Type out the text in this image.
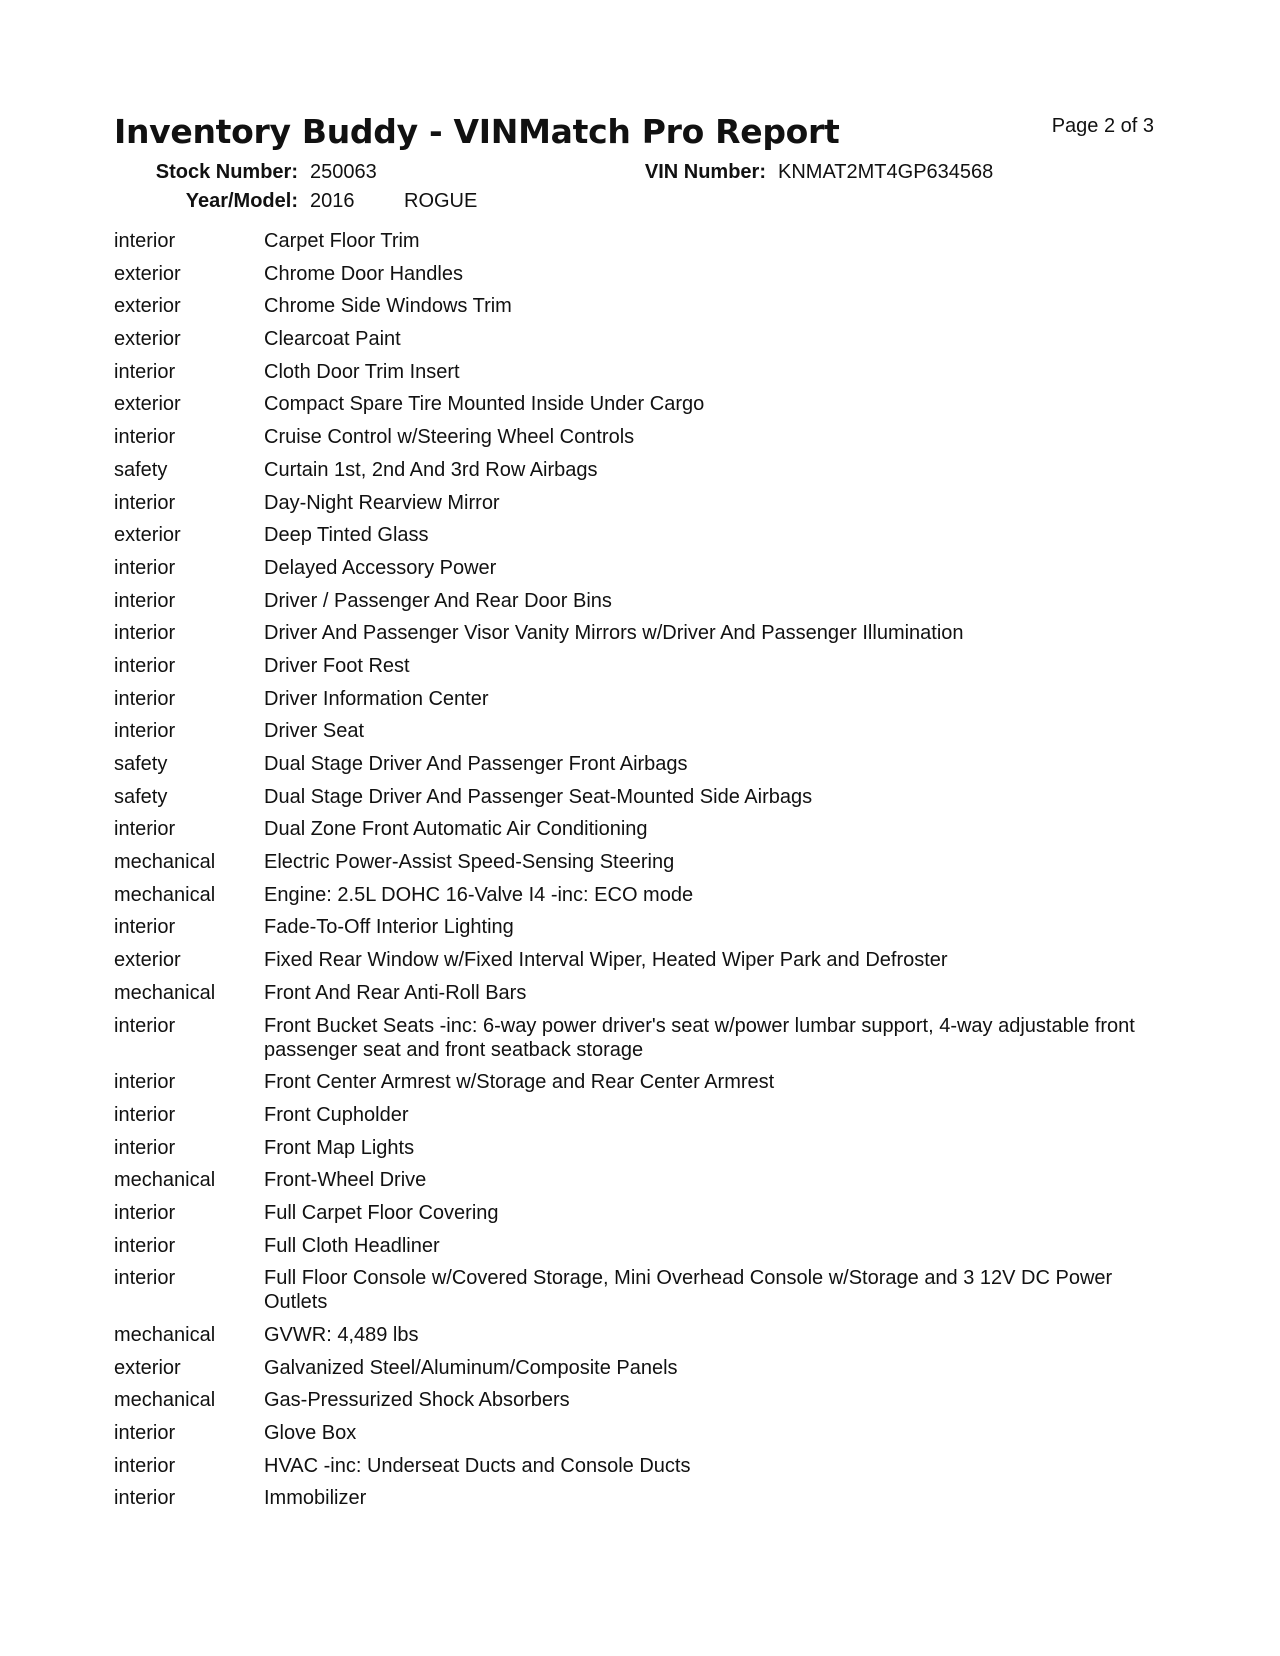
Inventory Buddy - VINMatch Pro Report	Page 2 of 3
Stock Number: 250063	VIN Number: KNMAT2MT4GP634568
Year/Model: 2016 ROGUE
interior	Carpet Floor Trim
exterior	Chrome Door Handles
exterior	Chrome Side Windows Trim
exterior	Clearcoat Paint
interior	Cloth Door Trim Insert
exterior	Compact Spare Tire Mounted Inside Under Cargo
interior	Cruise Control w/Steering Wheel Controls
safety	Curtain 1st, 2nd And 3rd Row Airbags
interior	Day-Night Rearview Mirror
exterior	Deep Tinted Glass
interior	Delayed Accessory Power
interior	Driver / Passenger And Rear Door Bins
interior	Driver And Passenger Visor Vanity Mirrors w/Driver And Passenger Illumination
interior	Driver Foot Rest
interior	Driver Information Center
interior	Driver Seat
safety	Dual Stage Driver And Passenger Front Airbags
safety	Dual Stage Driver And Passenger Seat-Mounted Side Airbags
interior	Dual Zone Front Automatic Air Conditioning
mechanical	Electric Power-Assist Speed-Sensing Steering
mechanical	Engine: 2.5L DOHC 16-Valve I4 -inc: ECO mode
interior	Fade-To-Off Interior Lighting
exterior	Fixed Rear Window w/Fixed Interval Wiper, Heated Wiper Park and Defroster
mechanical	Front And Rear Anti-Roll Bars
interior	Front Bucket Seats -inc: 6-way power driver's seat w/power lumbar support, 4-way adjustable front passenger seat and front seatback storage
interior	Front Center Armrest w/Storage and Rear Center Armrest
interior	Front Cupholder
interior	Front Map Lights
mechanical	Front-Wheel Drive
interior	Full Carpet Floor Covering
interior	Full Cloth Headliner
interior	Full Floor Console w/Covered Storage, Mini Overhead Console w/Storage and 3 12V DC Power Outlets
mechanical	GVWR: 4,489 lbs
exterior	Galvanized Steel/Aluminum/Composite Panels
mechanical	Gas-Pressurized Shock Absorbers
interior	Glove Box
interior	HVAC -inc: Underseat Ducts and Console Ducts
interior	Immobilizer
